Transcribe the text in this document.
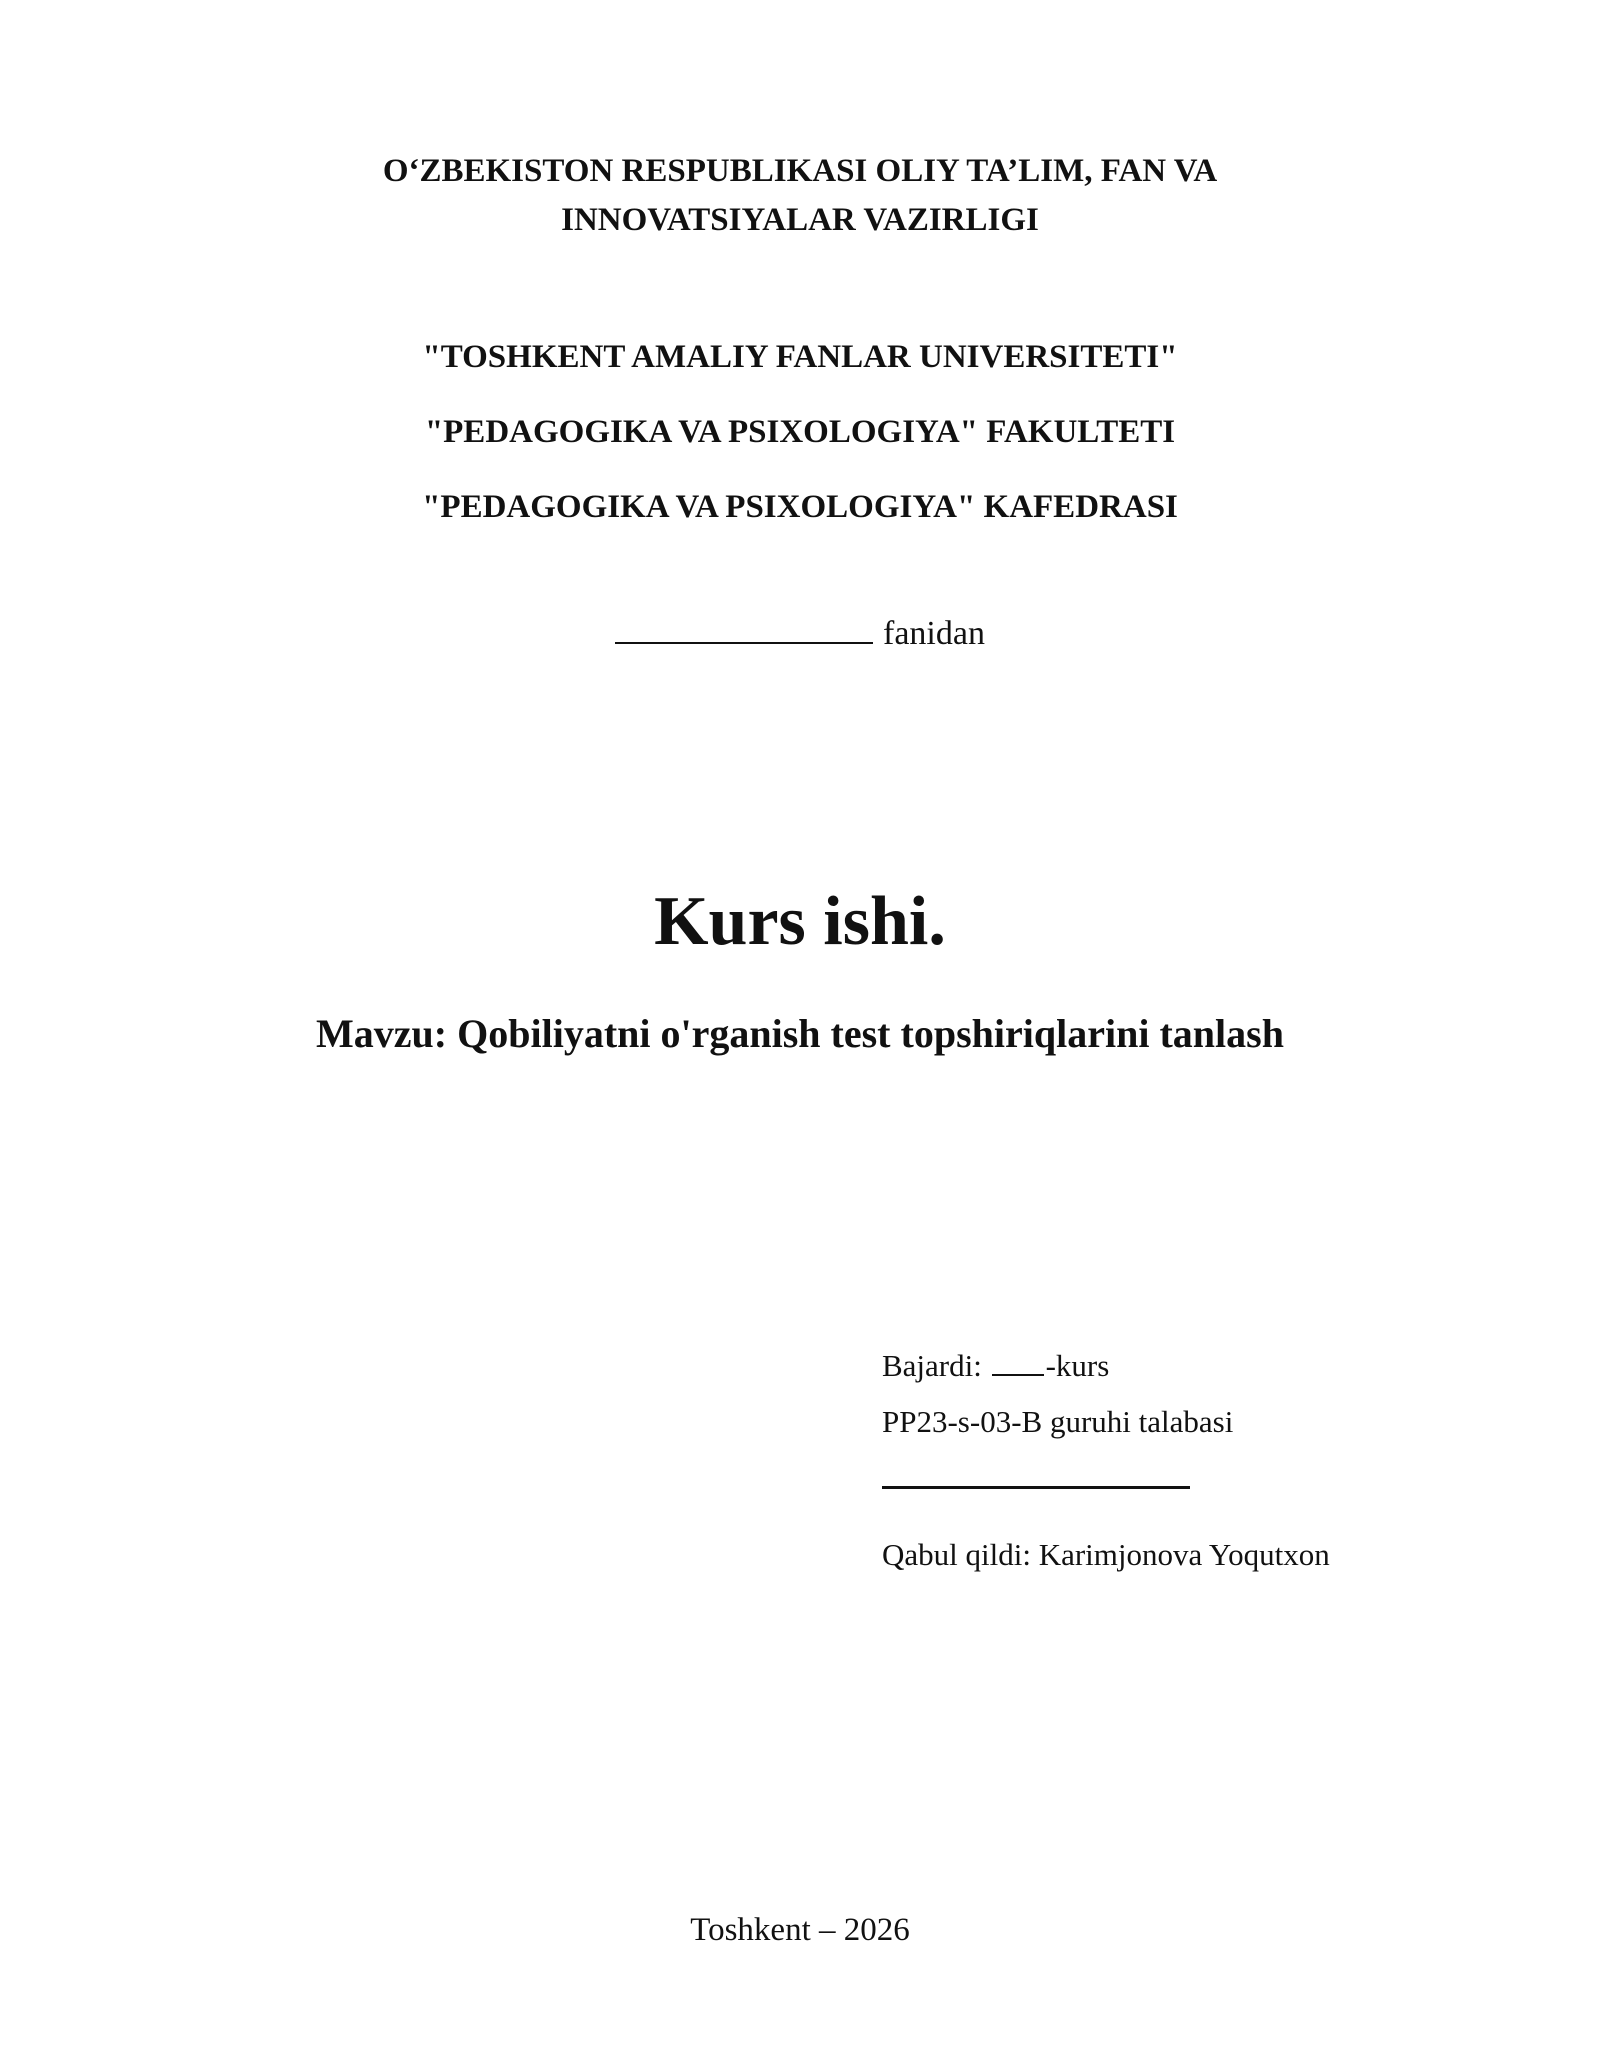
O‘ZBEKISTON RESPUBLIKASI OLIY TA’LIM, FAN VA
INNOVATSIYALAR VAZIRLIGI
"TOSHKENT AMALIY FANLAR UNIVERSITETI"
"PEDAGOGIKA VA PSIXOLOGIYA" FAKULTETI
"PEDAGOGIKA VA PSIXOLOGIYA" KAFEDRASI
fanidan
Kurs ishi.
Mavzu: Qobiliyatni o'rganish test topshiriqlarini tanlash
Bajardi: -kurs
PP23-s-03-B guruhi talabasi
Qabul qildi: Karimjonova Yoqutxon
Toshkent – 2026
